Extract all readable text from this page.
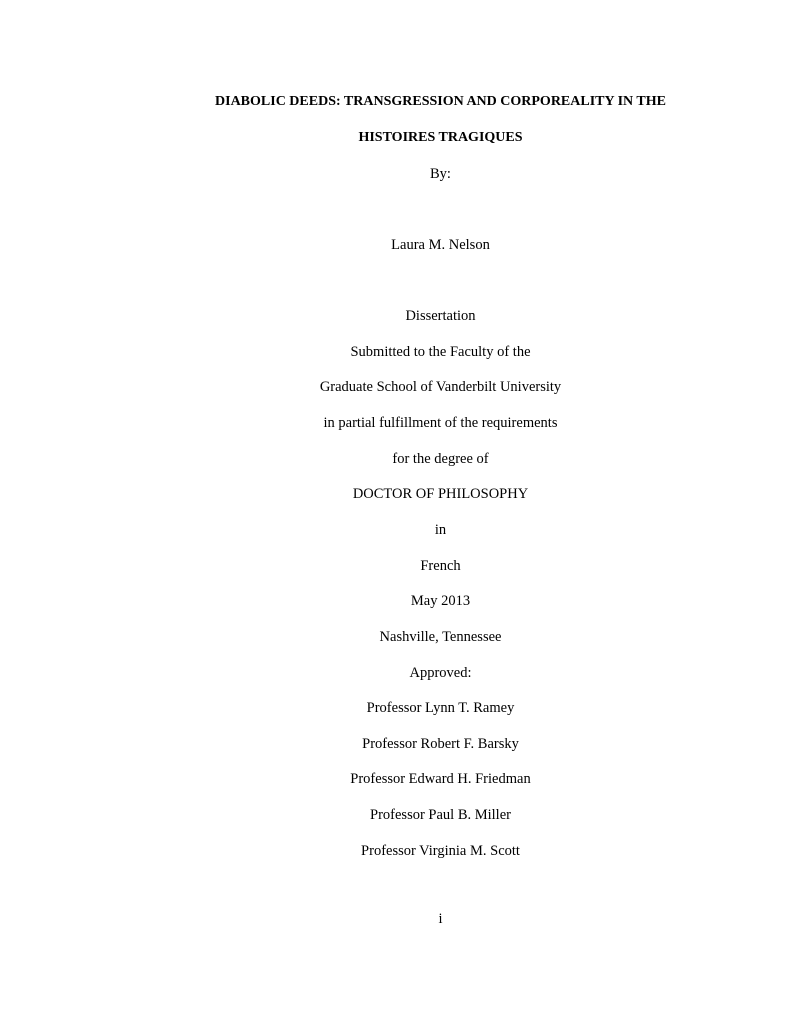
DIABOLIC DEEDS: TRANSGRESSION AND CORPOREALITY IN THE
HISTOIRES TRAGIQUES
By:
Laura M. Nelson
Dissertation
Submitted to the Faculty of the
Graduate School of Vanderbilt University
in partial fulfillment of the requirements
for the degree of
DOCTOR OF PHILOSOPHY
in
French
May 2013
Nashville, Tennessee
Approved:
Professor Lynn T. Ramey
Professor Robert F. Barsky
Professor Edward H. Friedman
Professor Paul B. Miller
Professor Virginia M. Scott
i
